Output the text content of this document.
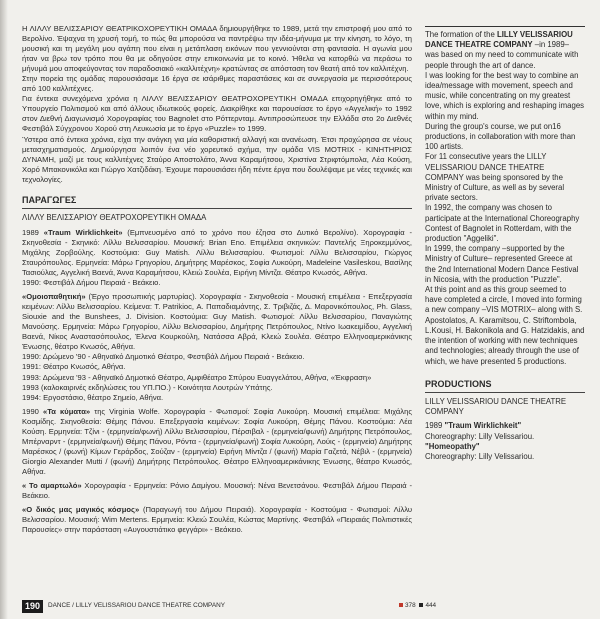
Η ΛΙΛΛΥ ΒΕΛΙΣΣΑΡΙΟΥ ΘΕΑΤΡΙΚΟΧΟΡΕΥΤΙΚΗ ΟΜΑΔΑ δημιουργήθηκε το 1989, μετά την επιστροφή μου από το Βερολίνο. Έψαχνα τη χρυσή τομή, το πώς θα μπορούσα να παντρέψω την ιδέα-μήνυμα με την κίνηση, το λόγο, τη μουσική και τη μεγάλη μου αγάπη που είναι η μετάπλαση εικόνων που γεννιούνται στη φαντασία. Η αγωνία μου ήταν να βρω τον τρόπο που θα με οδηγούσε στην επικοινωνία με το κοινό. Ήθελα να κατορθώ να περάσω το μήνυμά μου αποφεύγοντας τον παραδοσιακό «καλλιτέχνη» κρατώντας σε απόσταση τον θεατή από τον καλλιτέχνη.

Στην πορεία της ομάδας παρουσιάσαμε 16 έργα σε ισάριθμες παραστάσεις και σε συνεργασία με περισσότερους από 100 καλλιτέχνες.

Για έντεκα συνεχόμενα χρόνια η ΛΙΛΛΥ ΒΕΛΙΣΣΑΡΙΟΥ ΘΕΑΤΡΟΧΟΡΕΥΤΙΚΗ ΟΜΑΔΑ επιχορηγήθηκε από το Υπουργείο Πολιτισμού και από άλλους ιδιωτικούς φορείς. Διακρίθηκε και παρουσίασε το έργο «Αγγελική» το 1992 στον Διεθνή Διαγωνισμό Χορογραφίας του Bagnolet στο Ρόττερνταμ. Αντιπροσώπευσε την Ελλάδα στο 2ο Διεθνές Φεστιβάλ Σύγχρονου Χορού στη Λευκωσία με το έργο «Puzzle» το 1999.

Ύστερα από έντεκα χρόνια, είχα την ανάγκη για μία καθοριστική αλλαγή και ανανέωση. Έτσι προχώρησα σε νέους μετασχηματισμούς. Δημιούργησα λοιπόν ένα νέο χορευτικό σχήμα, την ομάδα VIS MOTRIX - ΚΙΝΗΤΗΡΙΟΣ ΔΥΝΑΜΗ, μαζί με τους καλλιτέχνες Σταύρο Αποστολάτο, Άννα Καραμήτσου, Χριστίνα Στριφτόμπολα, Λέα Κούση, Χορό Μπακονικόλα και Γιώργο Χατζιδάκη. Έχουμε παρουσιάσει ήδη πέντε έργα που δουλέψαμε με νέες τεχνικές και τεχνολογίες.

ΠΑΡΑΓΩΓΕΣ

ΛΙΛΛΥ ΒΕΛΙΣΣΑΡΙΟΥ ΘΕΑΤΡΟΧΟΡΕΥΤΙΚΗ ΟΜΑΔΑ

1989 «Traum Wirklichkeit» (Εμπνευσμένο από το χρόνο που έζησα στο Δυτικό Βερολίνο). Χορογραφία - Σκηνοθεσία - Σκηνικό: Λίλλυ Βελισσαρίου. Μουσική: Brian Eno. Επιμέλεια σκηνικών: Παντελής Ξηροκεμμύνος, Μιχάλης Ζορβούλης. Κοστούμια: Guy Matish. Λίλλυ Βελισσαρίου. Φωτισμοί: Λίλλυ Βελισσαρίου, Γιώργος Σταυρόπουλος. Ερμηνεία: Μάρω Γρηγορίου, Δημήτρης Μαρέσκος, Σοφία Λυκούρη, Madeleine Vasileskou, Βασίλης Τασιούλας, Αγγελική Βαενά, Άννα Καραμήτσου, Κλειώ Σουλέα, Ειρήνη Μίντζα. Θέατρο Κνωσός, Αθήνα.
1990: Φεστιβάλ Δήμου Πειραιά - Βεάκειο.

«Ομοιοπαθητική» (Έργο προσωπικής μαρτυρίας). Χορογραφία - Σκηνοθεσία - Μουσική επιμέλεια - Επεξεργασία κειμένων: Λίλλυ Βελισσαρίου. Κείμενα: T. Patrikioc, Α. Παπαδιαμάντης, Σ. Τριβιζάς, Δ. Μαρονικόπουλος, Ph. Glass, Siouxie and the Bunshees, J. Division. Κοστούμια: Guy Matish. Φωτισμοί: Λίλλυ Βελισσαρίου, Παναγιώτης Μανούσης. Ερμηνεία: Μάρω Γρηγορίου, Λίλλυ Βελισσαρίου, Δημήτρης Πετρόπουλος, Ντίνο Ιωακειμίδου, Αγγελική Βαενά, Νίκος Αναστασόπουλος, Έλενα Κουρκούλη, Νατάσσα Αβρά, Κλειώ Σουλέα. Θέατρο Ελληνοαμερικάνικης Ένωσης, θέατρο Κνωσός, Αθήνα.
1990: Δρώμενο '90 - Αθηναϊκό Δημοτικό Θέατρο, Φεστιβάλ Δήμου Πειραιά - Βεάκειο.
1991: Θέατρο Κνωσός, Αθήνα.
1993: Δρώμενα '93 - Αθηναϊκό Δημοτικό Θέατρο, Αμφιθέατρο Σπύρου Ευαγγελάτου, Αθήνα, «Έκφραση»
1993 (καλοκαιρινές εκδηλώσεις του ΥΠ.ΠΟ.) - Κοινότητα Λουτρών Υπάτης.
1994: Εργοστάσιο, θέατρο Σημείο, Αθήνα.

1990 «Τα κύματα» της Virginia Wolfe. Χορογραφία - Φωτισμοί: Σοφία Λυκούρη. Μουσική επιμέλεια: Μιχάλης Κοσμίδης. Σκηνοθεσία: Θέμης Πάνου. Επεξεργασία κειμένων: Σοφία Λυκούρη, Θέμης Πάνου. Κοστούμια: Λέα Κούση. Ερμηνεία: Τζίνι - (ερμηνεία/φωνή) Λίλλυ Βελισσαρίου, Πέρσιβαλ - (ερμηνεία/φωνή) Δημήτρης Πετρόπουλος, Μπέρναρντ - (ερμηνεία/φωνή) Θέμης Πάνου, Ρόντα - (ερμηνεία/φωνή) Σοφία Λυκούρη, Λούις - (ερμηνεία) Δημήτρης Μαρέσκος / (φωνή) Κίμων Γεράρδος, Σούζαν - (ερμηνεία) Ειρήνη Μίντζα / (φωνή) Μαρία Γαζετά, Νέβιλ - (ερμηνεία) Giorgio Alexander Mutti / (φωνή) Δημήτρης Πετρόπουλος. Θέατρο Ελληνοαμερικάνικης Ένωσης, θέατρο Κνωσός, Αθήνα.

« Το αμαρτωλό» Χορογραφία - Ερμηνεία: Ρόνιο Δαμίγου. Μουσική: Νένα Βενετσάνου. Φεστιβάλ Δήμου Πειραιά - Βεάκειο.

«Ο δικός μας μαγικός κόσμος» (Παραγωγή του Δήμου Πειραιά). Χορογραφία - Κοστούμια - Φωτισμοί: Λίλλυ Βελισσαρίου. Μουσική: Wim Mertens. Ερμηνεία: Κλειώ Σουλέα, Κώστας Μαρτίνης. Φεστιβάλ «Πειραιάς Πολιτιστικές Παρουσίες» στην παράσταση «Αυγουστιάτικο φεγγάρι» - Βεάκειο.

The formation of the LILLY VELISSARIOU DANCE THEATRE COMPANY –in 1989– was based on my need to communicate with people through the art of dance.

I was looking for the best way to combine an idea/message with movement, speech and music, while concentrating on my greatest love, which is exploring and reshaping images within my mind.

During the group's course, we put on16 productions, in collaboration with more than 100 artists.

For 11 consecutive years the LILLY VELISSARIOU DANCE THEATRE COMPANY was being sponsored by the Ministry of Culture, as well as by several private sectors.

In 1992, the company was chosen to participate at the International Choreography Contest of Bagnolet in Rotterdam, with the production "Aggeliki".

In 1999, the company –supported by the Ministry of Culture– represented Greece at the 2nd International Modern Dance Festival in Nicosia, with the production "Puzzle".

At this point and as this group seemed to have completed a circle, I moved into forming a new company –VIS MOTRIX– along with S. Apostolatos, A. Karamitsou, C. Striftombola, L.Kousi, H. Bakonikola and G. Hatzidakis, and the intention of working with new techniques and technologies; already through the use of which, we have presented 5 productions.

PRODUCTIONS

LILLY VELISSARIOU DANCE THEATRE COMPANY

1989 "Traum Wirklichkeit"

Choreography: Lilly Velissariou.

"Homeopathy"

Choreography: Lilly Velissariou.

190	DANCE / LILLY VELISSARIOU DANCE THEATRE COMPANY	378 444
